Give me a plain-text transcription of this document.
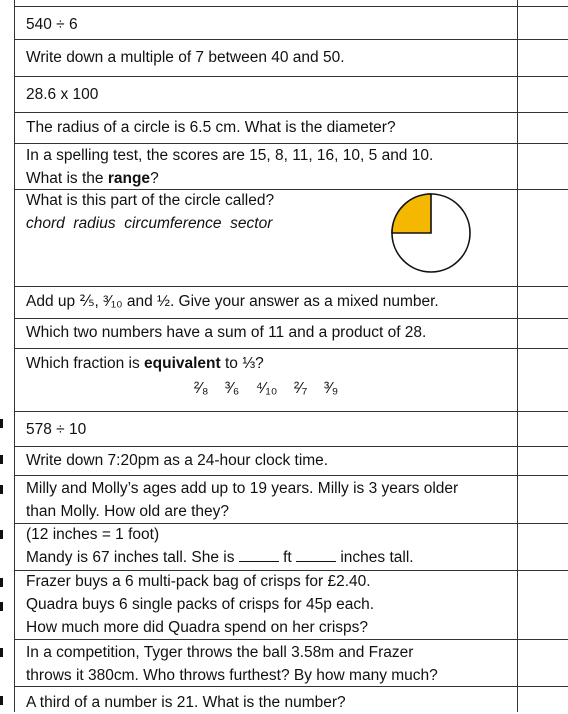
540 ÷ 6

Write down a multiple of 7 between 40 and 50.

28.6 x 100

The radius of a circle is 6.5 cm. What is the diameter?

In a spelling test, the scores are 15, 8, 11, 16, 10, 5 and 10.

What is the range?

What is this part of the circle called?

chord  radius  circumference  sector

Add up ⅖, ³⁄₁₀ and ½. Give your answer as a mixed number.

Which two numbers have a sum of 11 and a product of 28.

Which fraction is equivalent to ⅓?

²⁄₈ ³⁄₆ ⁴⁄₁₀ ²⁄₇ ³⁄₉

578 ÷ 10

Write down 7:20pm as a 24-hour clock time.

Milly and Molly’s ages add up to 19 years. Milly is 3 years older

than Molly. How old are they?

(12 inches = 1 foot)

Mandy is 67 inches tall. She is	ft	inches tall.

Frazer buys a 6 multi-pack bag of crisps for £2.40.

Quadra buys 6 single packs of crisps for 45p each.

How much more did Quadra spend on her crisps?

In a competition, Tyger throws the ball 3.58m and Frazer

throws it 380cm. Who throws furthest? By how many much?

A third of a number is 21. What is the number?
